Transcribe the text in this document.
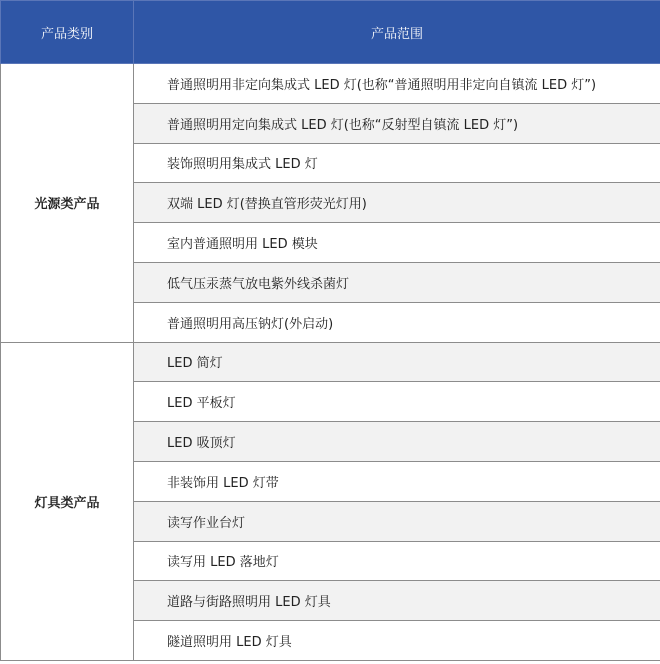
产品类别	产品范围
光源类产品	普通照明用非定向集成式 LED 灯(也称“普通照明用非定向自镇流 LED 灯”)
	普通照明用定向集成式 LED 灯(也称“反射型自镇流 LED 灯”)
	装饰照明用集成式 LED 灯
	双端 LED 灯(替换直管形荧光灯用)
	室内普通照明用 LED 模块
	低气压汞蒸气放电紫外线杀菌灯
	普通照明用高压钠灯(外启动)
灯具类产品	LED 简灯
	LED 平板灯
	LED 吸顶灯
	非装饰用 LED 灯带
	读写作业台灯
	读写用 LED 落地灯
	道路与街路照明用 LED 灯具
	隧道照明用 LED 灯具
